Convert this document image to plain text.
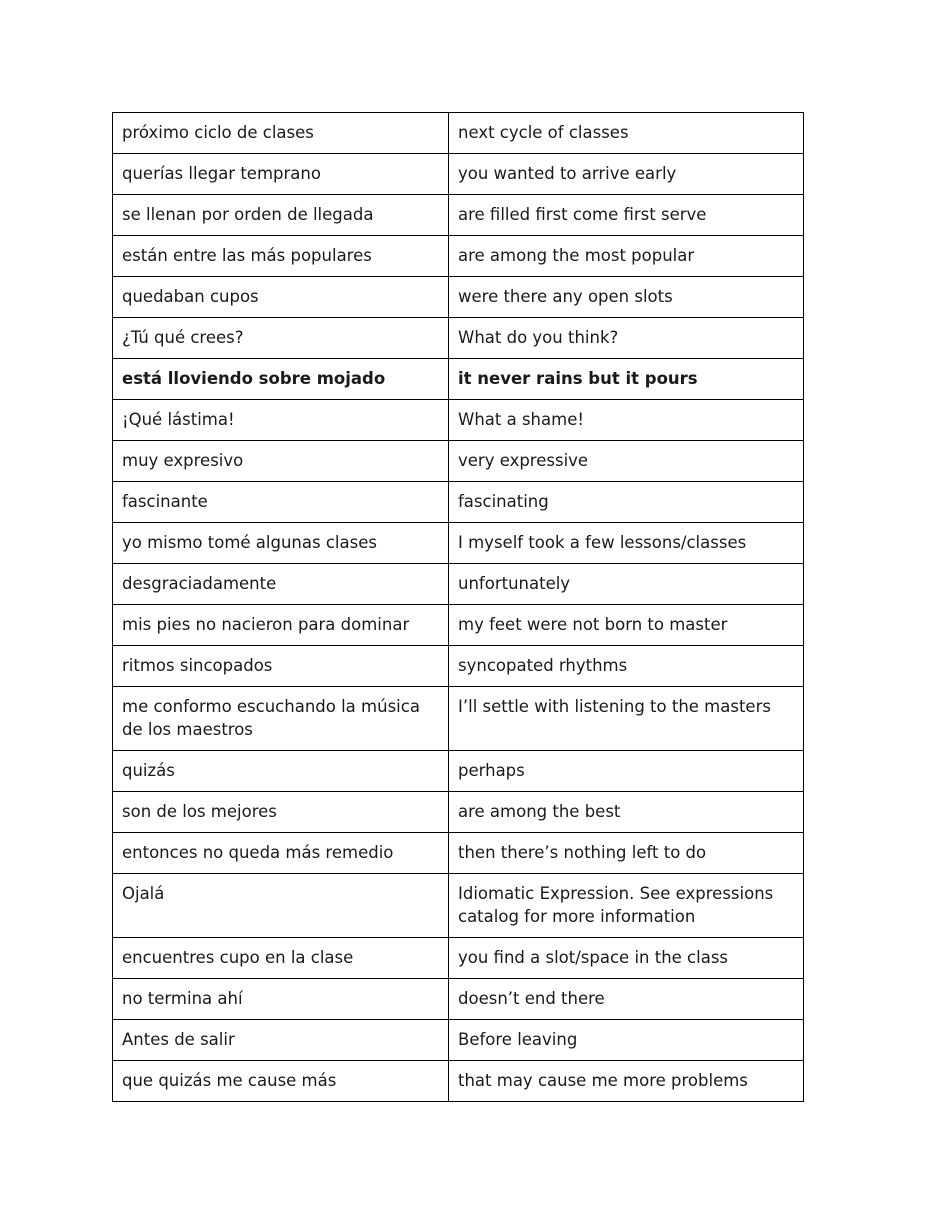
próximo ciclo de clases	next cycle of classes
querías llegar temprano	you wanted to arrive early
se llenan por orden de llegada	are filled first come first serve
están entre las más populares	are among the most popular
quedaban cupos	were there any open slots
¿Tú qué crees?	What do you think?
está lloviendo sobre mojado	it never rains but it pours
¡Qué lástima!	What a shame!
muy expresivo	very expressive
fascinante	fascinating
yo mismo tomé algunas clases	I myself took a few lessons/classes
desgraciadamente	unfortunately
mis pies no nacieron para dominar	my feet were not born to master
ritmos sincopados	syncopated rhythms
me conformo escuchando la música de los maestros	I’ll settle with listening to the masters
quizás	perhaps
son de los mejores	are among the best
entonces no queda más remedio	then there’s nothing left to do
Ojalá	Idiomatic Expression. See expressions catalog for more information
encuentres cupo en la clase	you find a slot/space in the class
no termina ahí	doesn’t end there
Antes de salir	Before leaving
que quizás me cause más	that may cause me more problems
